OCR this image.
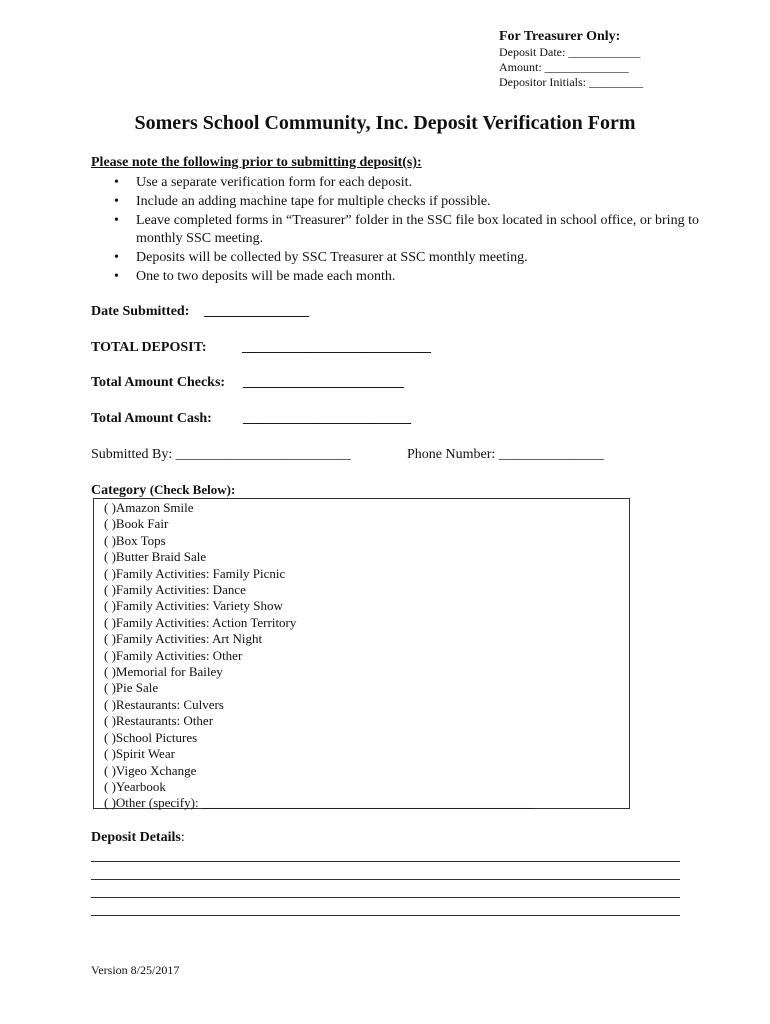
For Treasurer Only:
Deposit Date: ____________
Amount: ______________
Depositor Initials: _________
Somers School Community, Inc. Deposit Verification Form
Please note the following prior to submitting deposit(s):
• Use a separate verification form for each deposit.
• Include an adding machine tape for multiple checks if possible.
• Leave completed forms in “Treasurer” folder in the SSC file box located in school office, or bring to monthly SSC meeting.
• Deposits will be collected by SSC Treasurer at SSC monthly meeting.
• One to two deposits will be made each month.
Date Submitted: _______________
TOTAL DEPOSIT:	___________________________
Total Amount Checks: _______________________
Total Amount Cash: ________________________
Submitted By: _________________________	Phone Number: _______________
Category (Check Below):
( )Amazon Smile
( )Book Fair
( )Box Tops
( )Butter Braid Sale
( )Family Activities: Family Picnic
( )Family Activities: Dance
( )Family Activities: Variety Show
( )Family Activities: Action Territory
( )Family Activities: Art Night
( )Family Activities: Other
( )Memorial for Bailey
( )Pie Sale
( )Restaurants: Culvers
( )Restaurants: Other
( )School Pictures
( )Spirit Wear
( )Vigeo Xchange
( )Yearbook
( )Other (specify): ___________________________________________________
Deposit Details:
Version 8/25/2017
